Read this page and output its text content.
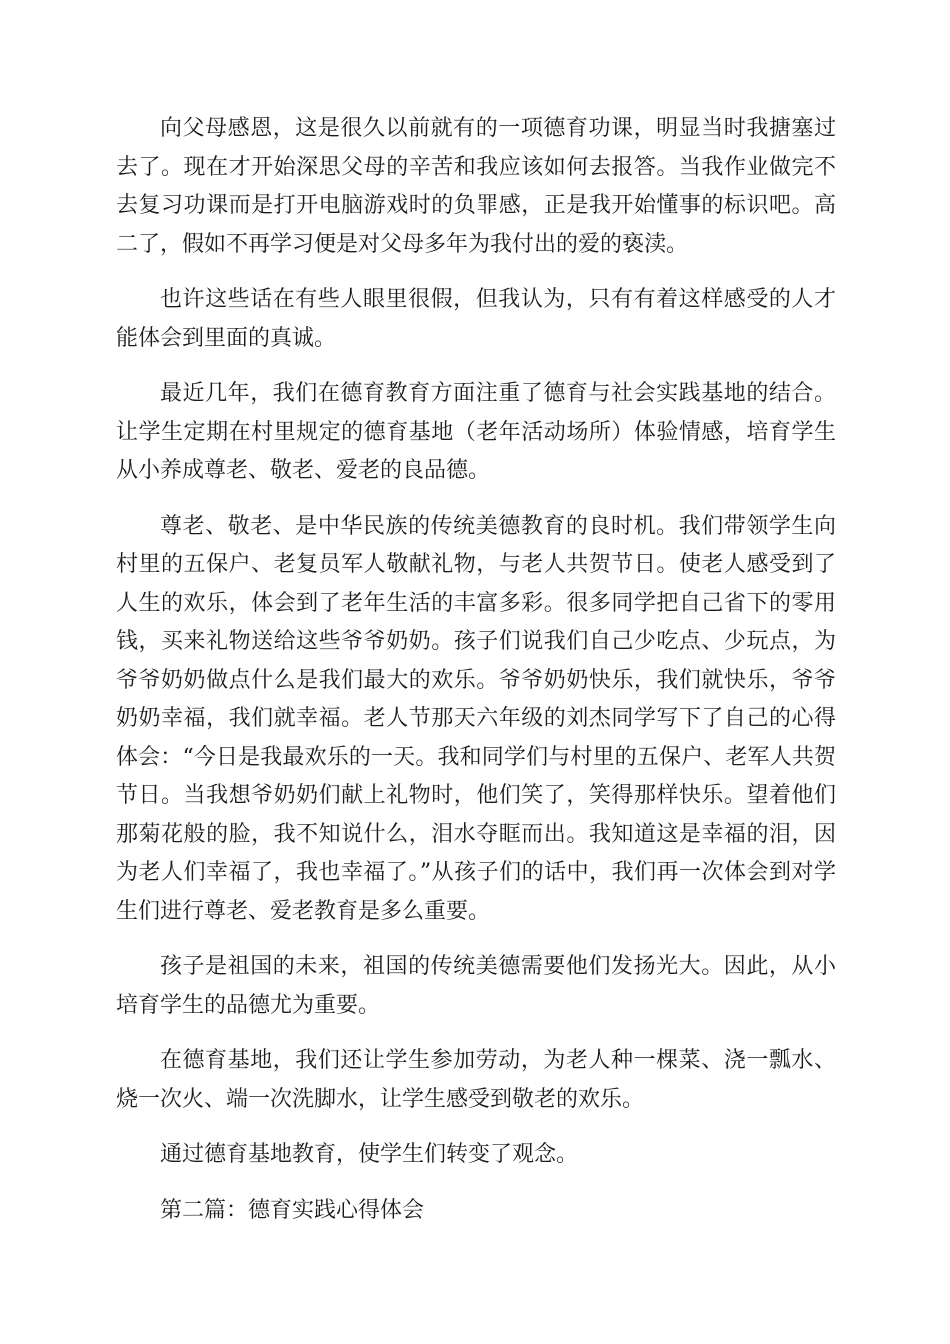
向父母感恩，这是很久以前就有的一项德育功课，明显当时我搪塞过去了。现在才开始深思父母的辛苦和我应该如何去报答。当我作业做完不去复习功课而是打开电脑游戏时的负罪感，正是我开始懂事的标识吧。高二了，假如不再学习便是对父母多年为我付出的爱的亵渎。

也许这些话在有些人眼里很假，但我认为，只有有着这样感受的人才能体会到里面的真诚。

最近几年，我们在德育教育方面注重了德育与社会实践基地的结合。让学生定期在村里规定的德育基地（老年活动场所）体验情感，培育学生从小养成尊老、敬老、爱老的良品德。

尊老、敬老、是中华民族的传统美德教育的良时机。我们带领学生向村里的五保户、老复员军人敬献礼物，与老人共贺节日。使老人感受到了人生的欢乐，体会到了老年生活的丰富多彩。很多同学把自己省下的零用钱，买来礼物送给这些爷爷奶奶。孩子们说我们自己少吃点、少玩点，为爷爷奶奶做点什么是我们最大的欢乐。爷爷奶奶快乐，我们就快乐，爷爷奶奶幸福，我们就幸福。老人节那天六年级的刘杰同学写下了自己的心得体会：“今日是我最欢乐的一天。我和同学们与村里的五保户、老军人共贺节日。当我想爷奶奶们献上礼物时，他们笑了，笑得那样快乐。望着他们那菊花般的脸，我不知说什么，泪水夺眶而出。我知道这是幸福的泪，因为老人们幸福了，我也幸福了。”从孩子们的话中，我们再一次体会到对学生们进行尊老、爱老教育是多么重要。

孩子是祖国的未来，祖国的传统美德需要他们发扬光大。因此，从小培育学生的品德尤为重要。

在德育基地，我们还让学生参加劳动，为老人种一棵菜、浇一瓢水、烧一次火、端一次洗脚水，让学生感受到敬老的欢乐。

通过德育基地教育，使学生们转变了观念。

第二篇：德育实践心得体会
